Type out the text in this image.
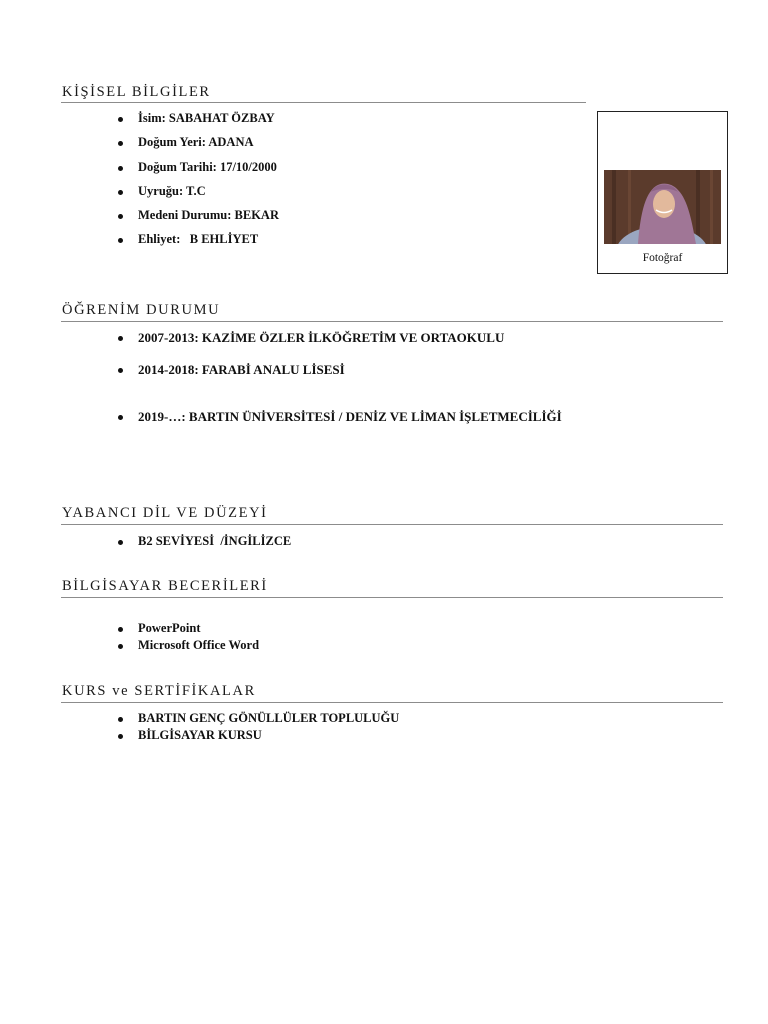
KİŞİSEL BİLGİLER
İsim: SABAHAT ÖZBAY
Doğum Yeri: ADANA
Doğum Tarihi: 17/10/2000
Uyruğu: T.C
Medeni Durumu: BEKAR
Ehliyet:   B EHLİYET
Fotoğraf
ÖĞRENİM DURUMU
2007-2013: KAZİME ÖZLER İLKÖĞRETİM VE ORTAOKULU
2014-2018: FARABİ ANALU LİSESİ
2019-…: BARTIN ÜNİVERSİTESİ / DENİZ VE LİMAN İŞLETMECİLİĞİ
YABANCI DİL VE DÜZEYİ
B2 SEVİYESİ  /İNGİLİZCE
BİLGİSAYAR BECERİLERİ
PowerPoint
Microsoft Office Word
KURS ve SERTİFİKALAR
BARTIN GENÇ GÖNÜLLÜLER TOPLULUĞU
BİLGİSAYAR KURSU
